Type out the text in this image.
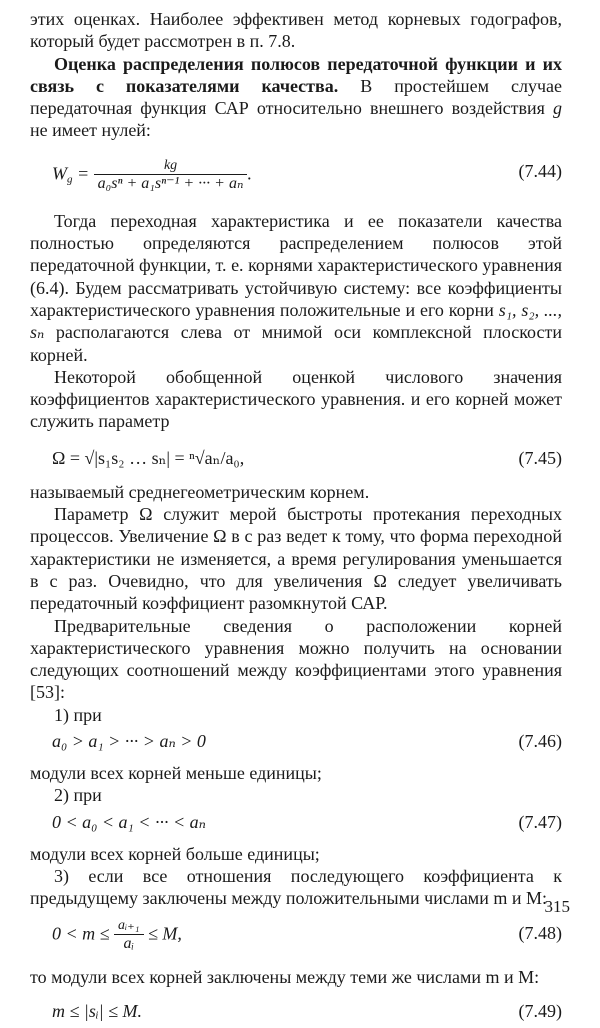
этих оценках. Наиболее эффективен метод корневых годографов, который будет рассмотрен в п. 7.8.

Оценка распределения полюсов передаточной функции и их связь с показателями качества. В простейшем случае передаточная функция САР относительно внешнего воздействия g не имеет нулей:

$W_g = \frac{kg}{\text{a₀sⁿ + a₁sⁿ⁻¹ + ··· + aₙ}}$ .	(7.44)

Тогда переходная характеристика и ее показатели качества полностью определяются распределением полюсов этой передаточной функции, т. е. корнями характеристического уравнения (6.4). Будем рассматривать устойчивую систему: все коэффициенты характеристического уравнения положительные и его корни s₁, s₂, ..., sₙ располагаются слева от мнимой оси комплексной плоскости корней.

Некоторой обобщенной оценкой числового значения коэффициентов характеристического уравнения. и его корней может служить параметр

Ω = √|s₁s₂ … sₙ| = ⁿ√aₙ/a₀,	(7.45)

называемый среднегеометрическим корнем.

Параметр Ω служит мерой быстроты протекания переходных процессов. Увеличение Ω в c раз ведет к тому, что форма переходной характеристики не изменяется, а время регулирования уменьшается в c раз. Очевидно, что для увеличения Ω следует увеличивать передаточный коэффициент разомкнутой САР.

Предварительные сведения о расположении корней характеристического уравнения можно получить на основании следующих соотношений между коэффициентами этого уравнения [53]:

1) при

a₀ > a₁ > ··· > aₙ > 0	(7.46)

модули всех корней меньше единицы;

2) при

0 < a₀ < a₁ < ··· < aₙ	(7.47)

модули всех корней больше единицы;

3) если все отношения последующего коэффициента к предыдущему заключены между положительными числами m и M:

$0 < m \le \frac{\text{aᵢ₊₁}}{\text{aᵢ}} \le M$,	(7.48)

то модули всех корней заключены между теми же числами m и M:

m ≤ |sᵢ| ≤ M.	(7.49)
315
